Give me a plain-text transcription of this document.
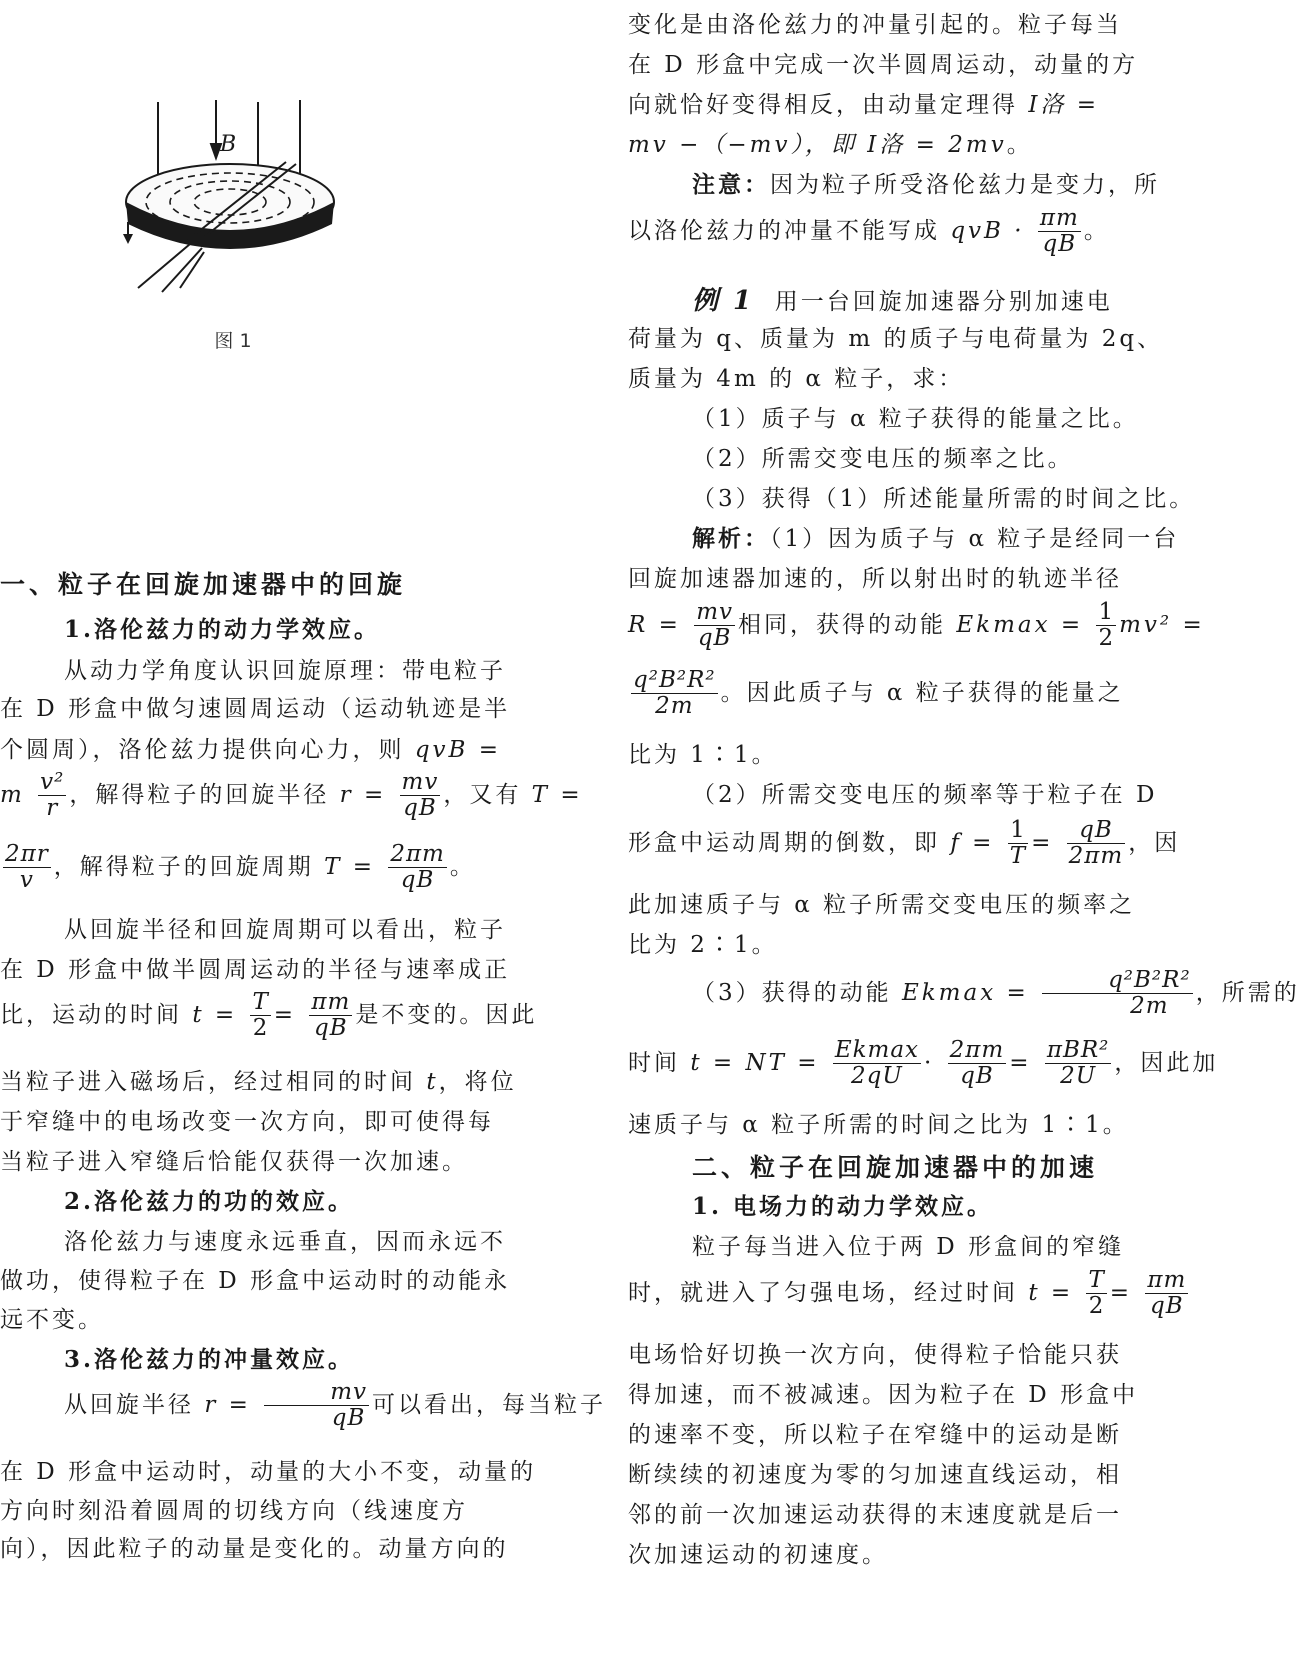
B
图 1
一、粒子在回旋加速器中的回旋
1.洛伦兹力的动力学效应。
从动力学角度认识回旋原理：带电粒子
在 D 形盒中做匀速圆周运动（运动轨迹是半
个圆周），洛伦兹力提供向心力，则 qvB =
m $\frac{\text{v²}}{r}$ ，解得粒子的回旋半径 $r = \frac{mv}{qB}$ ，又有 T =
$\frac{2\pi r}{v}$ ，解得粒子的回旋周期 $T = \frac{2\pi m}{qB}$ 。
从回旋半径和回旋周期可以看出，粒子
在 D 形盒中做半圆周运动的半径与速率成正
比，运动的时间 $t = \frac{T}{2} = \frac{\pi m}{qB}$ 是不变的。因此
当粒子进入磁场后，经过相同的时间 t，将位
于窄缝中的电场改变一次方向，即可使得每
当粒子进入窄缝后恰能仅获得一次加速。
2.洛伦兹力的功的效应。
洛伦兹力与速度永远垂直，因而永远不
做功，使得粒子在 D 形盒中运动时的动能永
远不变。
3.洛伦兹力的冲量效应。
从回旋半径 $r = \frac{mv}{qB}$ 可以看出，每当粒子
在 D 形盒中运动时，动量的大小不变，动量的
方向时刻沿着圆周的切线方向（线速度方
向），因此粒子的动量是变化的。动量方向的
变化是由洛伦兹力的冲量引起的。粒子每当
在 D 形盒中完成一次半圆周运动，动量的方
向就恰好变得相反，由动量定理得 I洛 =
mv −（−mv），即 I洛 = 2mv。
注意：因为粒子所受洛伦兹力是变力，所
以洛伦兹力的冲量不能写成 qvB · $\frac{\pi m}{qB}$ 。
例 1 用一台回旋加速器分别加速电
荷量为 q、质量为 m 的质子与电荷量为 2q、
质量为 4m 的 α 粒子，求：
（1）质子与 α 粒子获得的能量之比。
（2）所需交变电压的频率之比。
（3）获得（1）所述能量所需的时间之比。
解析：（1）因为质子与 α 粒子是经同一台
回旋加速器加速的，所以射出时的轨迹半径
$R = \frac{mv}{qB}$ 相同，获得的动能 $Ekmax = \frac{1}{2} mv^2$ =
$\frac{\text{q²B²R²}}{2m}$ 。因此质子与 α 粒子获得的能量之
比为 1∶1。
（2）所需交变电压的频率等于粒子在 D
形盒中运动周期的倒数，即 $f = \frac{1}{T} = \frac{qB}{2\pi m}$ ，因
此加速质子与 α 粒子所需交变电压的频率之
比为 2∶1。
（3）获得的动能 $Ekmax = \frac{\text{q²B²R²}}{2m}$ ，所需的
时间 t = NT = Ekmax
2qU
· $\frac{2\pi m}{qB} = \pi BR^2$
2U
，因此加
速质子与 α 粒子所需的时间之比为 1∶1。
二、粒子在回旋加速器中的加速
1. 电场力的动力学效应。
粒子每当进入位于两 D 形盒间的窄缝
时，就进入了匀强电场，经过时间 $t = \frac{T}{2} = \frac{\pi m}{qB}$
电场恰好切换一次方向，使得粒子恰能只获
得加速，而不被减速。因为粒子在 D 形盒中
的速率不变，所以粒子在窄缝中的运动是断
断续续的初速度为零的匀加速直线运动，相
邻的前一次加速运动获得的末速度就是后一
次加速运动的初速度。
